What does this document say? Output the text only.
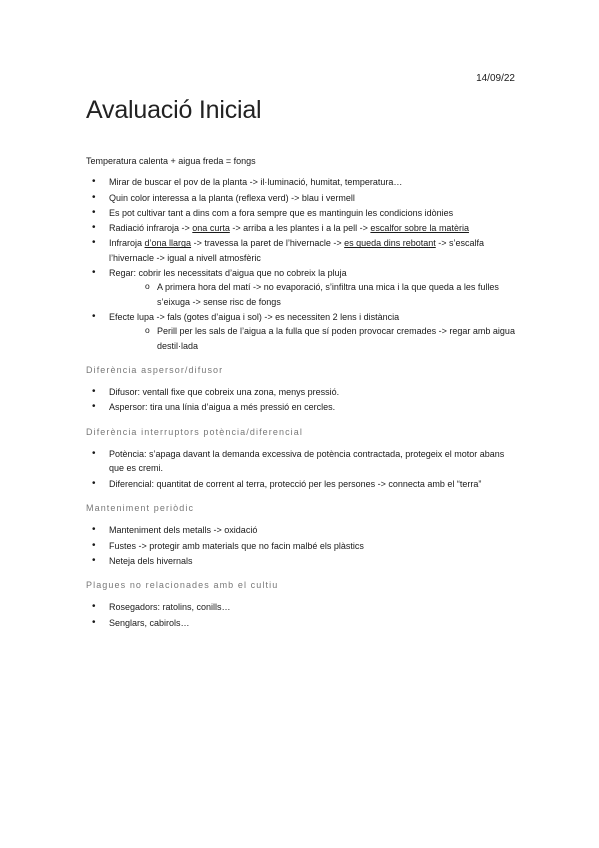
14/09/22
Avaluació Inicial

Temperatura calenta + aigua freda = fongs

• Mirar de buscar el pov de la planta -> il·luminació, humitat, temperatura…
• Quin color interessa a la planta (reflexa verd) -> blau i vermell
• Es pot cultivar tant a dins com a fora sempre que es mantinguin les condicions idònies
• Radiació infraroja -> ona curta -> arriba a les plantes i a la pell -> escalfor sobre la matèria
• Infraroja d’ona llarga -> travessa la paret de l’hivernacle -> es queda dins rebotant -> s’escalfa l’hivernacle -> igual a nivell atmosfèric
• Regar: cobrir les necessitats d’aigua que no cobreix la pluja
o A primera hora del matí -> no evaporació, s’infiltra una mica i la que queda a les fulles s’eixuga -> sense risc de fongs
• Efecte lupa -> fals (gotes d’aigua i sol) -> es necessiten 2 lens i distància
o Perill per les sals de l’aigua a la fulla que sí poden provocar cremades -> regar amb aigua destil·lada
Diferència aspersor/difusor
• Difusor: ventall fixe que cobreix una zona, menys pressió.
• Aspersor: tira una línia d’aigua a més pressió en cercles.
Diferència interruptors potència/diferencial
• Potència: s’apaga davant la demanda excessiva de potència contractada, protegeix el motor abans que es cremi.
• Diferencial: quantitat de corrent al terra, protecció per les persones -> connecta amb el “terra”
Manteniment periòdic
• Manteniment dels metalls -> oxidació
• Fustes -> protegir amb materials que no facin malbé els plàstics
• Neteja dels hivernals
Plagues no relacionades amb el cultiu
• Rosegadors: ratolins, conills…
• Senglars, cabirols…
